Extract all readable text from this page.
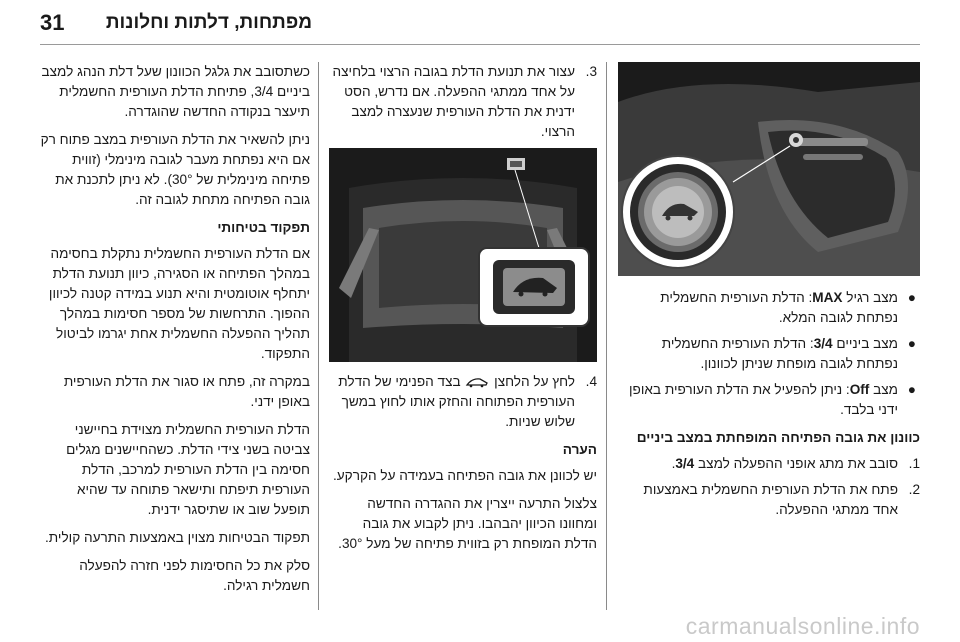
31 מפתחות, דלתות וחלונות
●
מצב רגיל MAX: הדלת העורפית החשמלית נפתחת לגובה המלא.
●
מצב ביניים 3/4: הדלת העורפית החשמלית נפתחת לגובה מופחת שניתן לכוונון.
●
מצב Off: ניתן להפעיל את הדלת העורפית באופן ידני בלבד.
כוונון את גובה הפתיחה המופחתת במצב ביניים
1.
סובב את מתג אופני ההפעלה למצב 3/4.
2.
פתח את הדלת העורפית החשמלית באמצעות אחד ממתגי ההפעלה.
3.
עצור את תנועת הדלת בגובה הרצוי בלחיצה על אחד ממתגי ההפעלה. אם נדרש, הסט ידנית את הדלת העורפית שנעצרה למצב הרצוי.
4.
לחץ על הלחצן  בצד הפנימי של הדלת העורפית הפתוחה והחזק אותו לחוץ במשך שלוש שניות.
הערה

יש לכוונן את גובה הפתיחה בעמידה על הקרקע.

צלצול התרעה ייצרין את ההגדרה החדשה ומחוונו הכיוון יהבהבו. ניתן לקבוע את גובה הדלת המופחת רק בזווית פתיחה של מעל 30°.

כשתסובב את גלגל הכוונון שעל דלת הנהג למצב ביניים 3/4, פתיחת הדלת העורפית החשמלית תיעצר בנקודה החדשה שהוגדרה.

ניתן להשאיר את הדלת העורפית במצב פתוח רק אם היא נפתחת מעבר לגובה מינימלי (זווית פתיחה מינימלית של 30°). לא ניתן לתכנת את גובה הפתיחה מתחת לגובה זה.

תפקוד בטיחותי

אם הדלת העורפית החשמלית נתקלת בחסימה במהלך הפתיחה או הסגירה, כיוון תנועת הדלת יתחלף אוטומטית והיא תנוע במידה קטנה לכיוון ההפוך. התרחשות של מספר חסימות במהלך תהליך ההפעלה החשמלית אחת יגרמו לביטול התפקוד.

במקרה זה, פתח או סגור את הדלת העורפית באופן ידני.

הדלת העורפית החשמלית מצוידת בחיישני צביטה בשני צידי הדלת. כשהחיישנים מגלים חסימה בין הדלת העורפית למרכב, הדלת העורפית תיפתח ותישאר פתוחה עד שהיא תופעל שוב או שתיסגר ידנית.

תפקוד הבטיחות מצוין באמצעות התרעה קולית.

סלק את כל החסימות לפני חזרה להפעלה חשמלית רגילה.

carmanualsonline.info
